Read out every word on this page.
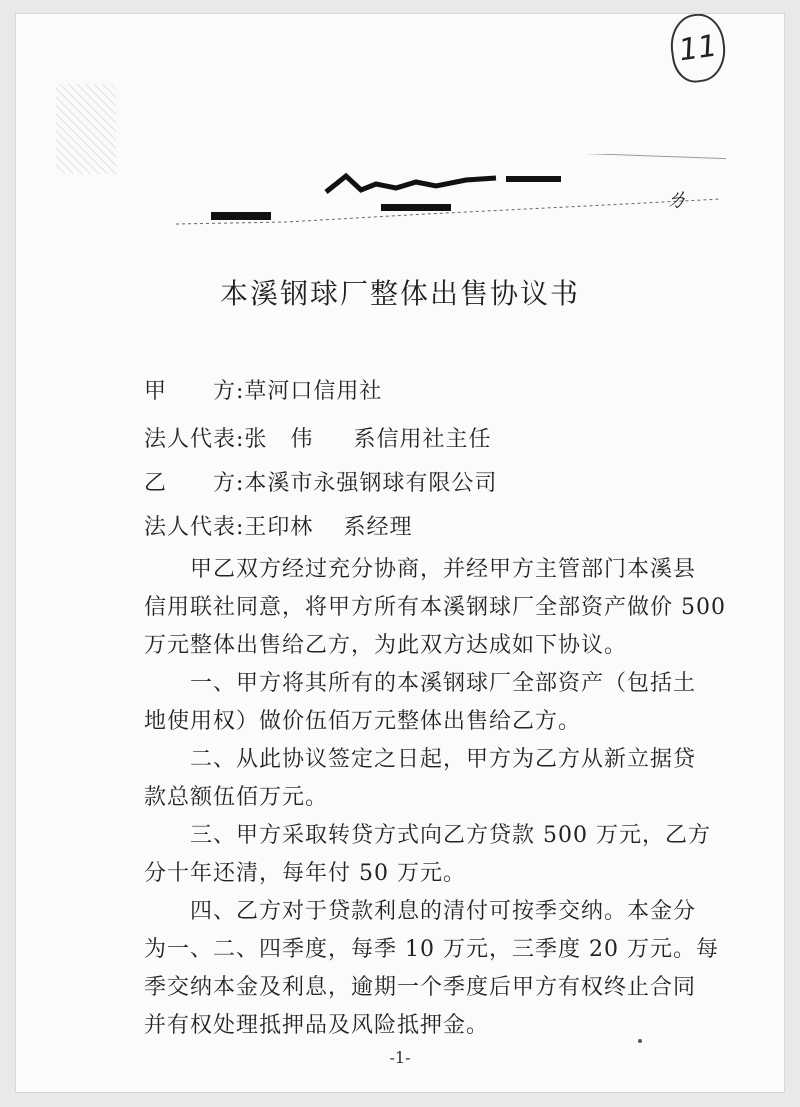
11
ㄌ
本溪钢球厂整体出售协议书
甲　　方:草河口信用社
法人代表:张　伟 系信用社主任
乙　　方:本溪市永强钢球有限公司
法人代表:王印林 系经理
　　甲乙双方经过充分协商，并经甲方主管部门本溪县
信用联社同意，将甲方所有本溪钢球厂全部资产做价 500
万元整体出售给乙方，为此双方达成如下协议。
　　一、甲方将其所有的本溪钢球厂全部资产（包括土
地使用权）做价伍佰万元整体出售给乙方。
　　二、从此协议签定之日起，甲方为乙方从新立据贷
款总额伍佰万元。
　　三、甲方采取转贷方式向乙方贷款 500 万元，乙方
分十年还清，每年付 50 万元。
　　四、乙方对于贷款利息的清付可按季交纳。本金分
为一、二、四季度，每季 10 万元，三季度 20 万元。每
季交纳本金及利息，逾期一个季度后甲方有权终止合同
-1-
并有权处理抵押品及风险抵押金。
